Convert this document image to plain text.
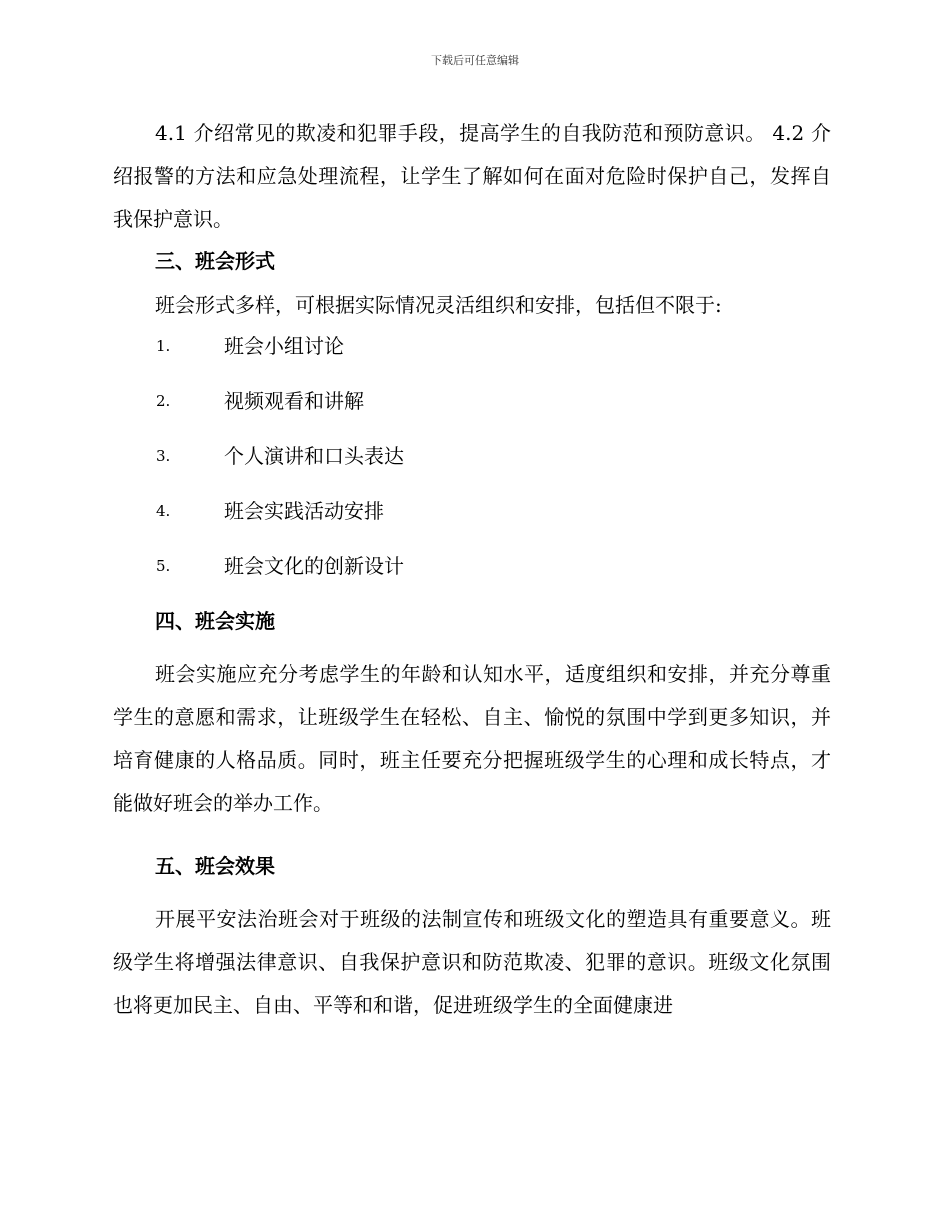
下载后可任意编辑

4.1 介绍常见的欺凌和犯罪手段，提高学生的自我防范和预防意识。 4.2 介绍报警的方法和应急处理流程，让学生了解如何在面对危险时保护自己，发挥自我保护意识。

三、班会形式

班会形式多样，可根据实际情况灵活组织和安排，包括但不限于:

1.	班会小组讨论
2.	视频观看和讲解
3.	个人演讲和口头表达
4.	班会实践活动安排
5.	班会文化的创新设计
四、班会实施

班会实施应充分考虑学生的年龄和认知水平，适度组织和安排，并充分尊重学生的意愿和需求，让班级学生在轻松、自主、愉悦的氛围中学到更多知识，并培育健康的人格品质。同时，班主任要充分把握班级学生的心理和成长特点，才能做好班会的举办工作。

五、班会效果

开展平安法治班会对于班级的法制宣传和班级文化的塑造具有重要意义。班级学生将增强法律意识、自我保护意识和防范欺凌、犯罪的意识。班级文化氛围也将更加民主、自由、平等和和谐，促进班级学生的全面健康进
